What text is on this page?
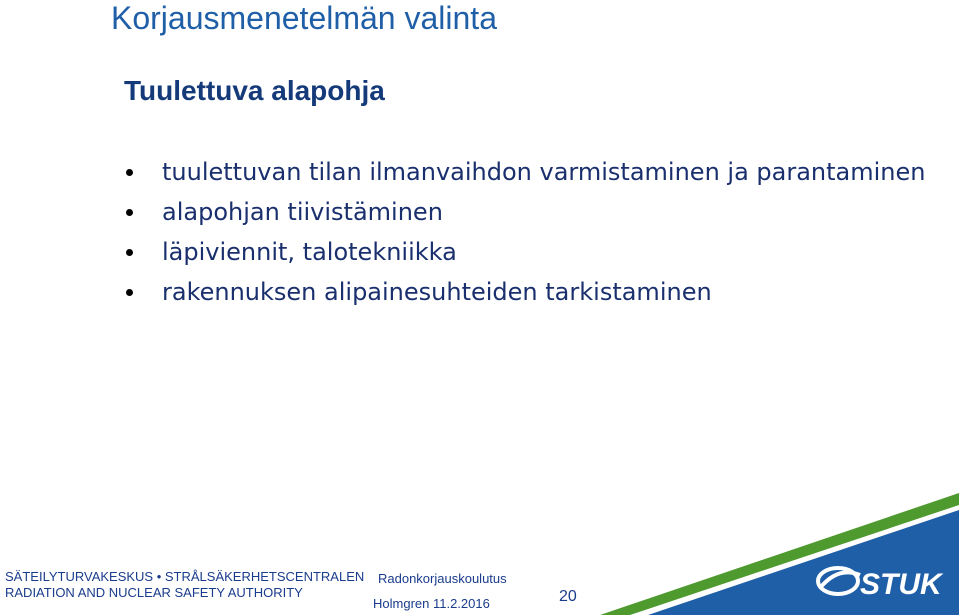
STUK
Korjausmenetelmän valinta
Tuulettuva alapohja
tuulettuvan tilan ilmanvaihdon varmistaminen ja parantaminen
alapohjan tiivistäminen
läpiviennit, talotekniikka
rakennuksen alipainesuhteiden tarkistaminen
SÄTEILYTURVAKESKUS • STRÅLSÄKERHETSCENTRALEN
RADIATION AND NUCLEAR SAFETY AUTHORITY
Radonkorjauskoulutus
Holmgren 11.2.2016	20
